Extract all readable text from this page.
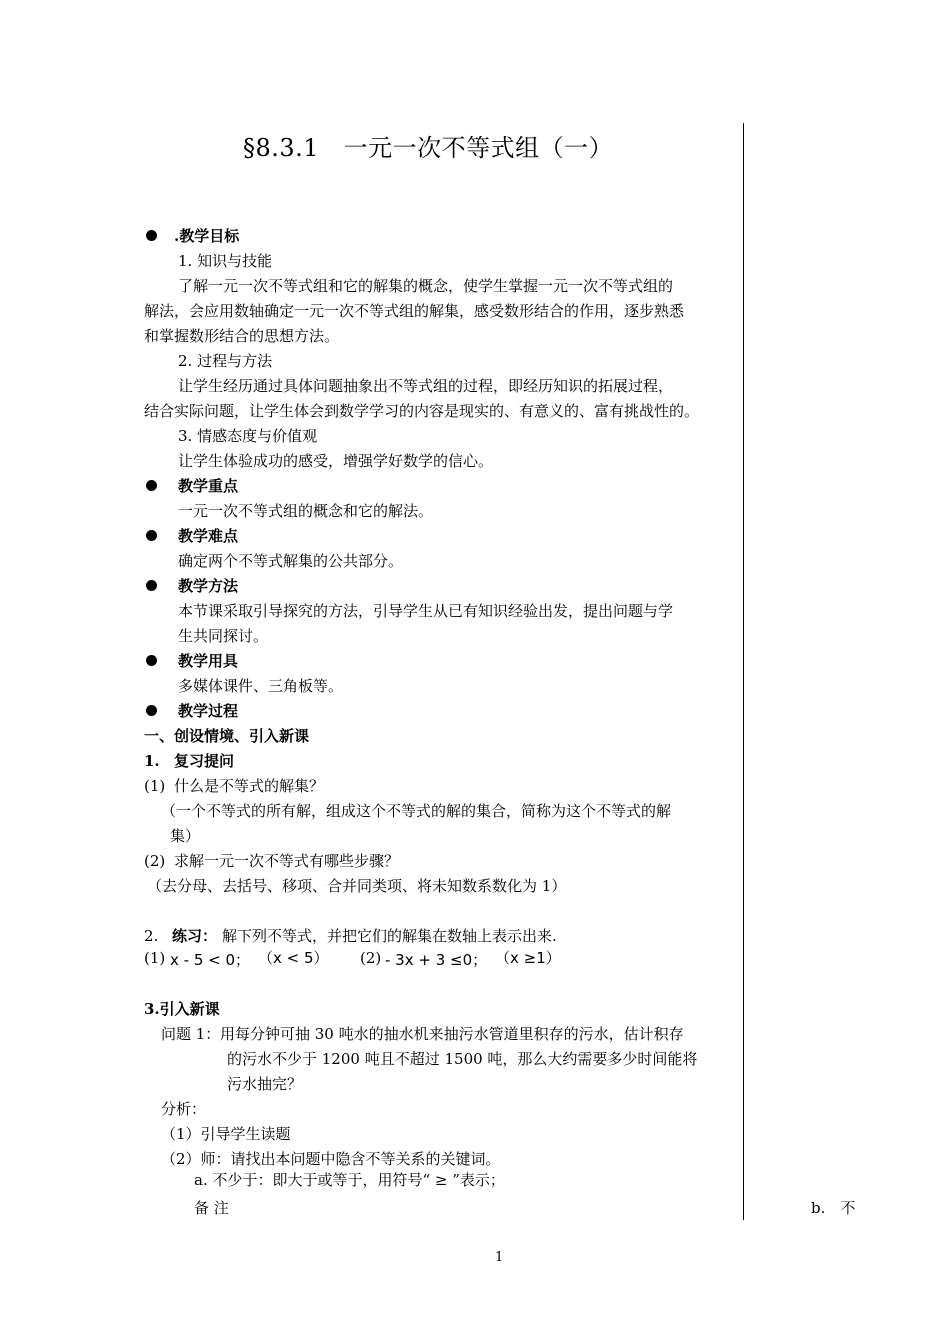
§8.3.1　一元一次不等式组（一）
.教学目标
1. 知识与技能
了解一元一次不等式组和它的解集的概念，使学生掌握一元一次不等式组的
解法，会应用数轴确定一元一次不等式组的解集，感受数形结合的作用，逐步熟悉
和掌握数形结合的思想方法。
2. 过程与方法
让学生经历通过具体问题抽象出不等式组的过程，即经历知识的拓展过程，
结合实际问题，让学生体会到数学学习的内容是现实的、有意义的、富有挑战性的。
3. 情感态度与价值观
让学生体验成功的感受，增强学好数学的信心。
教学重点
一元一次不等式组的概念和它的解法。
教学难点
确定两个不等式解集的公共部分。
教学方法
本节课采取引导探究的方法，引导学生从已有知识经验出发，提出问题与学
生共同探讨。
教学用具
多媒体课件、三角板等。
教学过程
一、创设情境、引入新课
1. 复习提问
(1) 什么是不等式的解集？
（一个不等式的所有解，组成这个不等式的解的集合，简称为这个不等式的解
集）
(2) 求解一元一次不等式有哪些步骤？
（去分母、去括号、移项、合并同类项、将未知数系数化为 1）
2. 练习： 解下列不等式，并把它们的解集在数轴上表示出来.
(1) x - 5 < 0； （x < 5） (2) - 3x + 3 ≤0； （x ≥1）
3.引入新课
问题 1： 用每分钟可抽 30 吨水的抽水机来抽污水管道里积存的污水，估计积存
的污水不少于 1200 吨且不超过 1500 吨，那么大约需要多少时间能将
污水抽完？
分析：
（1）引导学生读题
（2）师：请找出本问题中隐含不等关系的关键词。
a. 不少于：即大于或等于，用符号“ ≥ ”表示；
备 注	b.　不
1
